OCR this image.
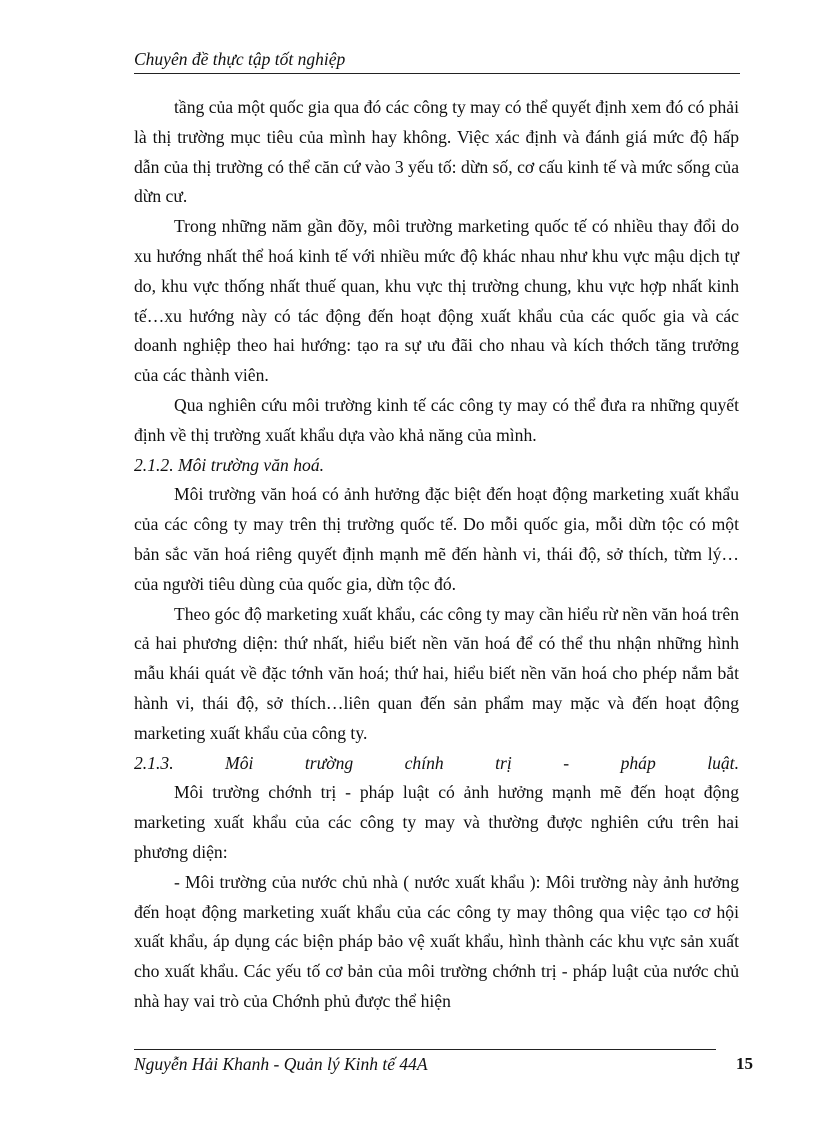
Chuyên đề thực tập tốt nghiệp

tầng của một quốc gia qua đó các công ty may có thể quyết định xem đó có phải là thị trường mục tiêu của mình hay không. Việc xác định và đánh giá mức độ hấp dẫn của thị trường có thể căn cứ vào 3 yếu tố: dừn số, cơ cấu kinh tế và mức sống của dừn cư.

Trong những năm gần đõy, môi trường marketing quốc tế có nhiều thay đổi do xu hướng nhất thể hoá kinh tế với nhiều mức độ khác nhau như khu vực mậu dịch tự do, khu vực thống nhất thuế quan, khu vực thị trường chung, khu vực hợp nhất kinh tế…xu hướng này có tác động đến hoạt động xuất khẩu của các quốc gia và các doanh nghiệp theo hai hướng: tạo ra sự ưu đãi cho nhau và kích thớch tăng trưởng của các thành viên.

Qua nghiên cứu môi trường kinh tế các công ty may có thể đưa ra những quyết định về thị trường xuất khẩu dựa vào khả năng của mình.

2.1.2. Môi trường văn hoá.

Môi trường văn hoá có ảnh hưởng đặc biệt đến hoạt động marketing xuất khẩu của các công ty may trên thị trường quốc tế. Do mỗi quốc gia, mỗi dừn tộc có một bản sắc văn hoá riêng quyết định mạnh mẽ đến hành vi, thái độ, sở thích, từm lý… của người tiêu dùng của quốc gia, dừn tộc đó.

Theo góc độ marketing xuất khẩu, các công ty may cần hiểu rừ nền văn hoá trên cả hai phương diện: thứ nhất, hiểu biết nền văn hoá để có thể thu nhận những hình mẫu khái quát về đặc tớnh văn hoá; thứ hai, hiểu biết nền văn hoá cho phép nắm bắt hành vi, thái độ, sở thích…liên quan đến sản phẩm may mặc và đến hoạt động marketing xuất khẩu của công ty.

2.1.3.	Môi	trường	chính	trị	-	pháp	luật.

Môi trường chớnh trị - pháp luật có ảnh hưởng mạnh mẽ đến hoạt động marketing xuất khẩu của các công ty may và thường được nghiên cứu trên hai phương diện:

- Môi trường của nước chủ nhà ( nước xuất khẩu ): Môi trường này ảnh hưởng đến hoạt động marketing xuất khẩu của các công ty may thông qua việc tạo cơ hội xuất khẩu, áp dụng các biện pháp bảo vệ xuất khẩu, hình thành các khu vực sản xuất cho xuất khẩu. Các yếu tố cơ bản của môi trường chớnh trị - pháp luật của nước chủ nhà hay vai trò của Chớnh phủ được thể hiện

Nguyễn Hải Khanh - Quản lý Kinh tế 44A	15
